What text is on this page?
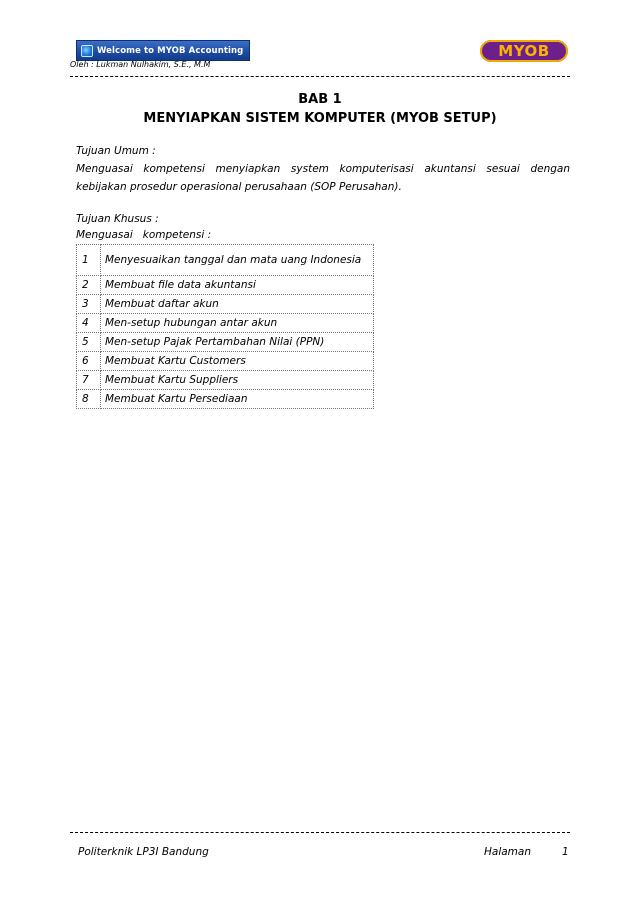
Welcome to MYOB Accounting	MYOB
Oleh : Lukman Nulhakim, S.E., M.M
BAB 1
MENYIAPKAN SISTEM KOMPUTER (MYOB SETUP)
Tujuan Umum :
Menguasai kompetensi menyiapkan system komputerisasi akuntansi sesuai dengan kebijakan prosedur operasional perusahaan (SOP Perusahan).
Tujuan Khusus :
Menguasai   kompetensi :
1	Menyesuaikan tanggal dan mata uang Indonesia
2	Membuat file data akuntansi
3	Membuat daftar akun
4	Men-setup hubungan antar akun
5	Men-setup Pajak Pertambahan Nilai (PPN)
6	Membuat Kartu Customers
7	Membuat Kartu Suppliers
8	Membuat Kartu Persediaan
Politerknik LP3I Bandung	Halaman	1
